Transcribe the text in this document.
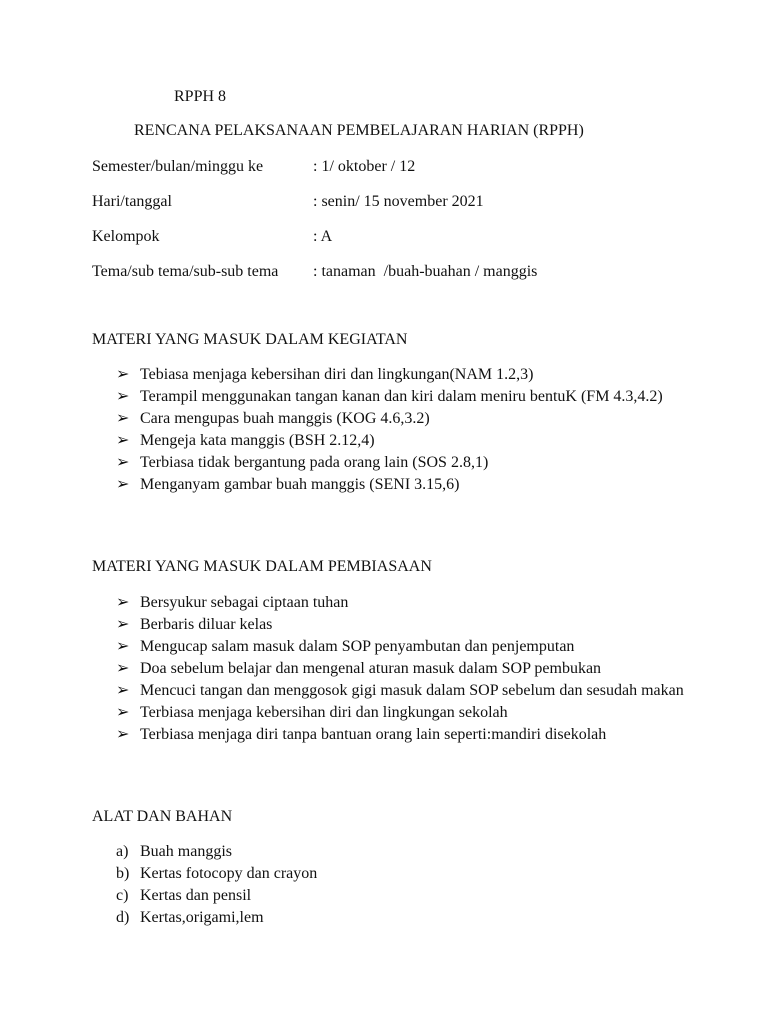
RPPH 8
RENCANA PELAKSANAAN PEMBELAJARAN HARIAN (RPPH)
Semester/bulan/minggu ke	: 1/ oktober / 12
Hari/tanggal	: senin/ 15 november 2021
Kelompok	: A
Tema/sub tema/sub-sub tema : tanaman  /buah-buahan / manggis
MATERI YANG MASUK DALAM KEGIATAN
➢ Tebiasa menjaga kebersihan diri dan lingkungan(NAM 1.2,3)
➢ Terampil menggunakan tangan kanan dan kiri dalam meniru bentuK (FM 4.3,4.2)
➢ Cara mengupas buah manggis (KOG 4.6,3.2)
➢ Mengeja kata manggis (BSH 2.12,4)
➢ Terbiasa tidak bergantung pada orang lain (SOS 2.8,1)
➢ Menganyam gambar buah manggis (SENI 3.15,6)
MATERI YANG MASUK DALAM PEMBIASAAN
➢ Bersyukur sebagai ciptaan tuhan
➢ Berbaris diluar kelas
➢ Mengucap salam masuk dalam SOP penyambutan dan penjemputan
➢ Doa sebelum belajar dan mengenal aturan masuk dalam SOP pembukan
➢ Mencuci tangan dan menggosok gigi masuk dalam SOP sebelum dan sesudah makan
➢ Terbiasa menjaga kebersihan diri dan lingkungan sekolah
➢ Terbiasa menjaga diri tanpa bantuan orang lain seperti:mandiri disekolah
ALAT DAN BAHAN
a) Buah manggis
b) Kertas fotocopy dan crayon
c) Kertas dan pensil
d) Kertas,origami,lem
